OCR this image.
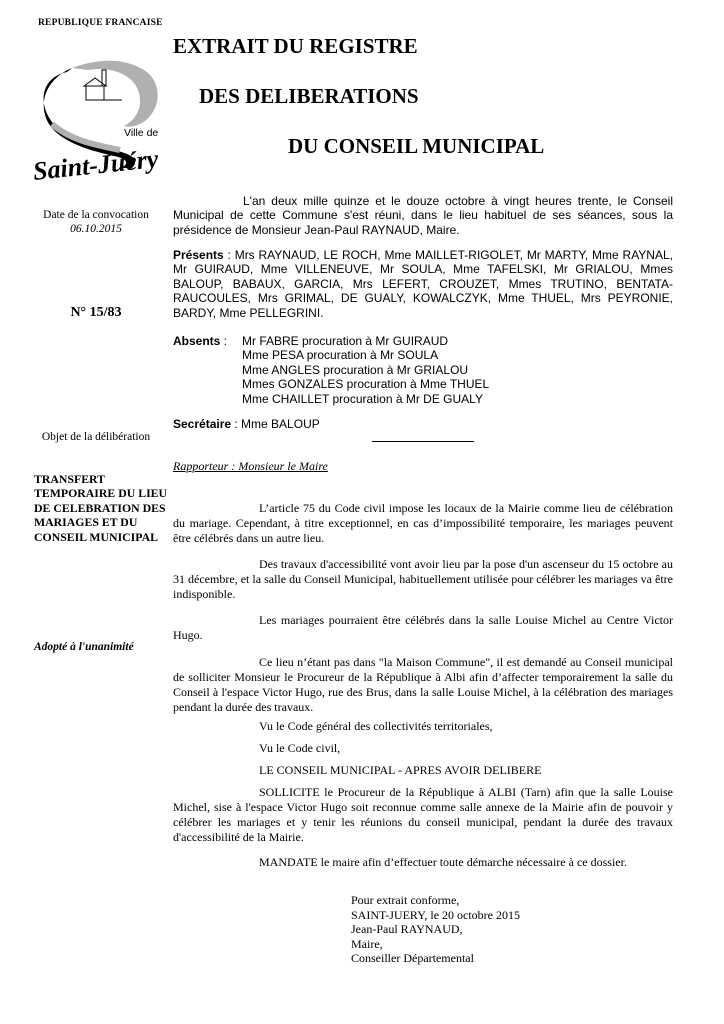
REPUBLIQUE FRANCAISE
Ville de
Saint-Juéry
EXTRAIT DU REGISTRE
DES DELIBERATIONS
DU CONSEIL MUNICIPAL
Date de la convocation
06.10.2015
N° 15/83
Objet de la délibération
TRANSFERT TEMPORAIRE DU LIEU DE CELEBRATION DES MARIAGES ET DU CONSEIL MUNICIPAL
Adopté à l'unanimité
L'an deux mille quinze et le douze octobre à vingt heures trente, le Conseil Municipal de cette Commune s'est réuni, dans le lieu habituel de ses séances, sous la présidence de Monsieur Jean-Paul RAYNAUD, Maire.
Présents : Mrs RAYNAUD, LE ROCH, Mme MAILLET-RIGOLET, Mr MARTY, Mme RAYNAL, Mr GUIRAUD, Mme VILLENEUVE, Mr SOULA, Mme TAFELSKI, Mr GRIALOU, Mmes BALOUP, BABAUX, GARCIA, Mrs LEFERT, CROUZET, Mmes TRUTINO, BENTATA-RAUCOULES, Mrs GRIMAL, DE GUALY, KOWALCZYK, Mme THUEL, Mrs PEYRONIE, BARDY, Mme PELLEGRINI.
Absents : Mr FABRE procuration à Mr GUIRAUD
Mme PESA procuration à Mr SOULA
Mme ANGLES procuration à Mr GRIALOU
Mmes GONZALES procuration à Mme THUEL
Mme CHAILLET procuration à Mr DE GUALY
Secrétaire : Mme BALOUP
Rapporteur : Monsieur le Maire
L’article 75 du Code civil impose les locaux de la Mairie comme lieu de célébration du mariage. Cependant, à titre exceptionnel, en cas d’impossibilité temporaire, les mariages peuvent être célébrés dans un autre lieu.
Des travaux d'accessibilité vont avoir lieu par la pose d'un ascenseur du 15 octobre au 31 décembre, et la salle du Conseil Municipal, habituellement utilisée pour célébrer les mariages va être indisponible.
Les mariages pourraient être célébrés dans la salle Louise Michel au Centre Victor Hugo.
Ce lieu n’étant pas dans "la Maison Commune", il est demandé au Conseil municipal de solliciter Monsieur le Procureur de la République à Albi afin d’affecter temporairement la salle du Conseil à l'espace Victor Hugo, rue des Brus, dans la salle Louise Michel, à la célébration des mariages pendant la durée des travaux.
Vu le Code général des collectivités territoriales,
Vu le Code civil,
LE CONSEIL MUNICIPAL - APRES AVOIR DELIBERE
SOLLICITE le Procureur de la République à ALBI (Tarn) afin que la salle Louise Michel, sise à l'espace Victor Hugo soit reconnue comme salle annexe de la Mairie afin de pouvoir y célébrer les mariages et y tenir les réunions du conseil municipal, pendant la durée des travaux d'accessibilité de la Mairie.
MANDATE le maire afin d’effectuer toute démarche nécessaire à ce dossier.
Pour extrait conforme,
SAINT-JUERY, le 20 octobre 2015
Jean-Paul RAYNAUD,
Maire,
Conseiller Départemental
